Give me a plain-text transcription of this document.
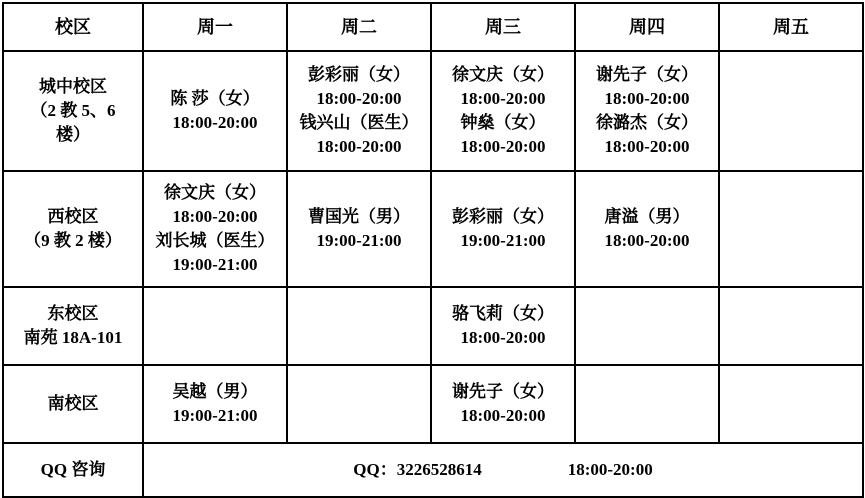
校区	周一	周二	周三	周四	周五

城中校区
（2 教 5、6
楼）	陈 莎（女）
18:00-20:00	彭彩丽（女）
18:00-20:00
钱兴山（医生）
18:00-20:00	徐文庆（女）
18:00-20:00
钟燊（女）
18:00-20:00	谢先子（女）
18:00-20:00
徐潞杰（女）
18:00-20:00	

西校区
（9 教 2 楼）	徐文庆（女）
18:00-20:00
刘长城（医生）
19:00-21:00	曹国光（男）
19:00-21:00	彭彩丽（女）
19:00-21:00	唐溢（男）
18:00-20:00	

东校区
南苑 18A-101			骆飞莉（女）
18:00-20:00		

南校区	吴越（男）
19:00-21:00		谢先子（女）
18:00-20:00		

QQ 咨询	QQ：3226528614 18:00-20:00				
